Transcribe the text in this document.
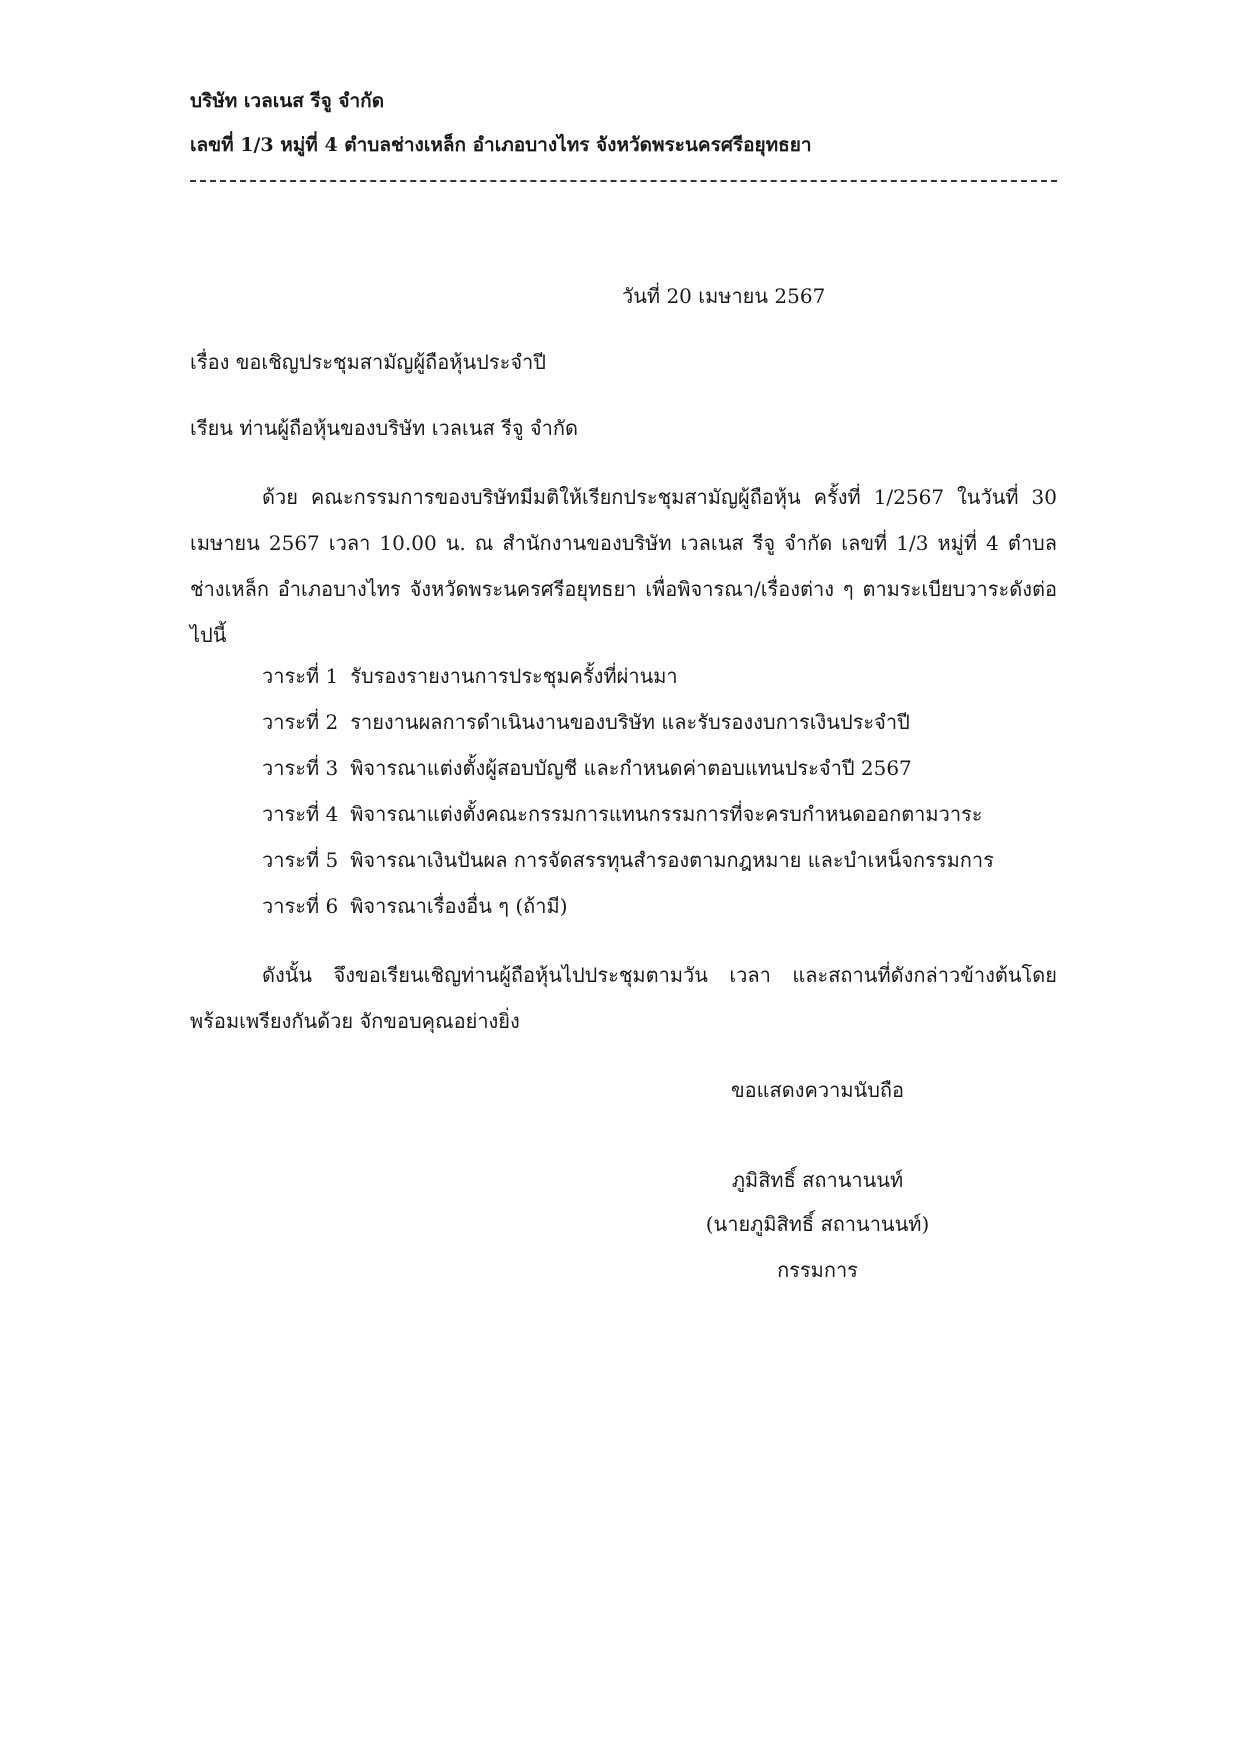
บริษัท เวลเนส รีจู จำกัด
เลขที่ 1/3 หมู่ที่ 4 ตำบลช่างเหล็ก อำเภอบางไทร จังหวัดพระนครศรีอยุทธยา
วันที่ 20 เมษายน 2567
เรื่อง ขอเชิญประชุมสามัญผู้ถือหุ้นประจำปี
เรียน ท่านผู้ถือหุ้นของบริษัท เวลเนส รีจู จำกัด
ด้วย คณะกรรมการของบริษัทมีมติให้เรียกประชุมสามัญผู้ถือหุ้น ครั้งที่ 1/2567 ในวันที่ 30 เมษายน 2567 เวลา 10.00 น. ณ สำนักงานของบริษัท เวลเนส รีจู จำกัด เลขที่ 1/3 หมู่ที่ 4 ตำบลช่างเหล็ก อำเภอบางไทร จังหวัดพระนครศรีอยุทธยา เพื่อพิจารณา/เรื่องต่าง ๆ ตามระเบียบวาระดังต่อไปนี้
วาระที่ 1 รับรองรายงานการประชุมครั้งที่ผ่านมา
วาระที่ 2 รายงานผลการดำเนินงานของบริษัท และรับรองงบการเงินประจำปี
วาระที่ 3 พิจารณาแต่งตั้งผู้สอบบัญชี และกำหนดค่าตอบแทนประจำปี 2567
วาระที่ 4 พิจารณาแต่งตั้งคณะกรรมการแทนกรรมการที่จะครบกำหนดออกตามวาระ
วาระที่ 5 พิจารณาเงินปันผล การจัดสรรทุนสำรองตามกฎหมาย และบำเหน็จกรรมการ
วาระที่ 6 พิจารณาเรื่องอื่น ๆ (ถ้ามี)
ดังนั้น จึงขอเรียนเชิญท่านผู้ถือหุ้นไปประชุมตามวัน เวลา และสถานที่ดังกล่าวข้างต้นโดยพร้อมเพรียงกันด้วย จักขอบคุณอย่างยิ่ง
ขอแสดงความนับถือ
ภูมิสิทธิ์ สถานานนท์
(นายภูมิสิทธิ์ สถานานนท์)
กรรมการ
